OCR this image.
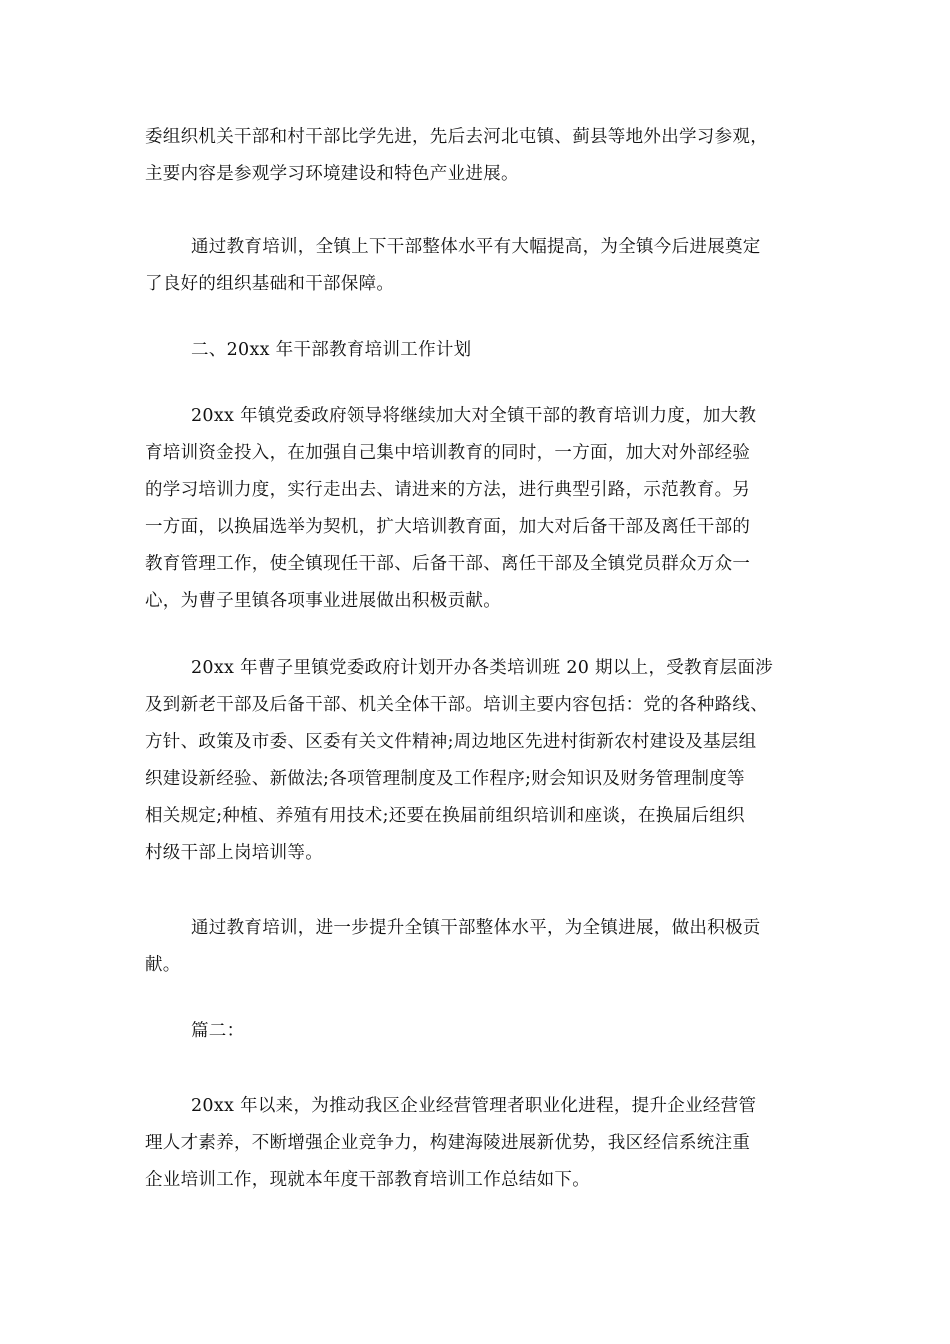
委组织机关干部和村干部比学先进，先后去河北屯镇、蓟县等地外出学习参观，
主要内容是参观学习环境建设和特色产业进展。

通过教育培训，全镇上下干部整体水平有大幅提高，为全镇今后进展奠定
了良好的组织基础和干部保障。

二、20xx 年干部教育培训工作计划

20xx 年镇党委政府领导将继续加大对全镇干部的教育培训力度，加大教
育培训资金投入，在加强自己集中培训教育的同时，一方面，加大对外部经验
的学习培训力度，实行走出去、请进来的方法，进行典型引路，示范教育。另
一方面，以换届选举为契机，扩大培训教育面，加大对后备干部及离任干部的
教育管理工作，使全镇现任干部、后备干部、离任干部及全镇党员群众万众一
心，为曹子里镇各项事业进展做出积极贡献。

20xx 年曹子里镇党委政府计划开办各类培训班 20 期以上，受教育层面涉
及到新老干部及后备干部、机关全体干部。培训主要内容包括：党的各种路线、
方针、政策及市委、区委有关文件精神;周边地区先进村街新农村建设及基层组
织建设新经验、新做法;各项管理制度及工作程序;财会知识及财务管理制度等
相关规定;种植、养殖有用技术;还要在换届前组织培训和座谈，在换届后组织
村级干部上岗培训等。

通过教育培训，进一步提升全镇干部整体水平，为全镇进展，做出积极贡
献。

篇二：

20xx 年以来，为推动我区企业经营管理者职业化进程，提升企业经营管
理人才素养，不断增强企业竞争力，构建海陵进展新优势，我区经信系统注重
企业培训工作，现就本年度干部教育培训工作总结如下。
